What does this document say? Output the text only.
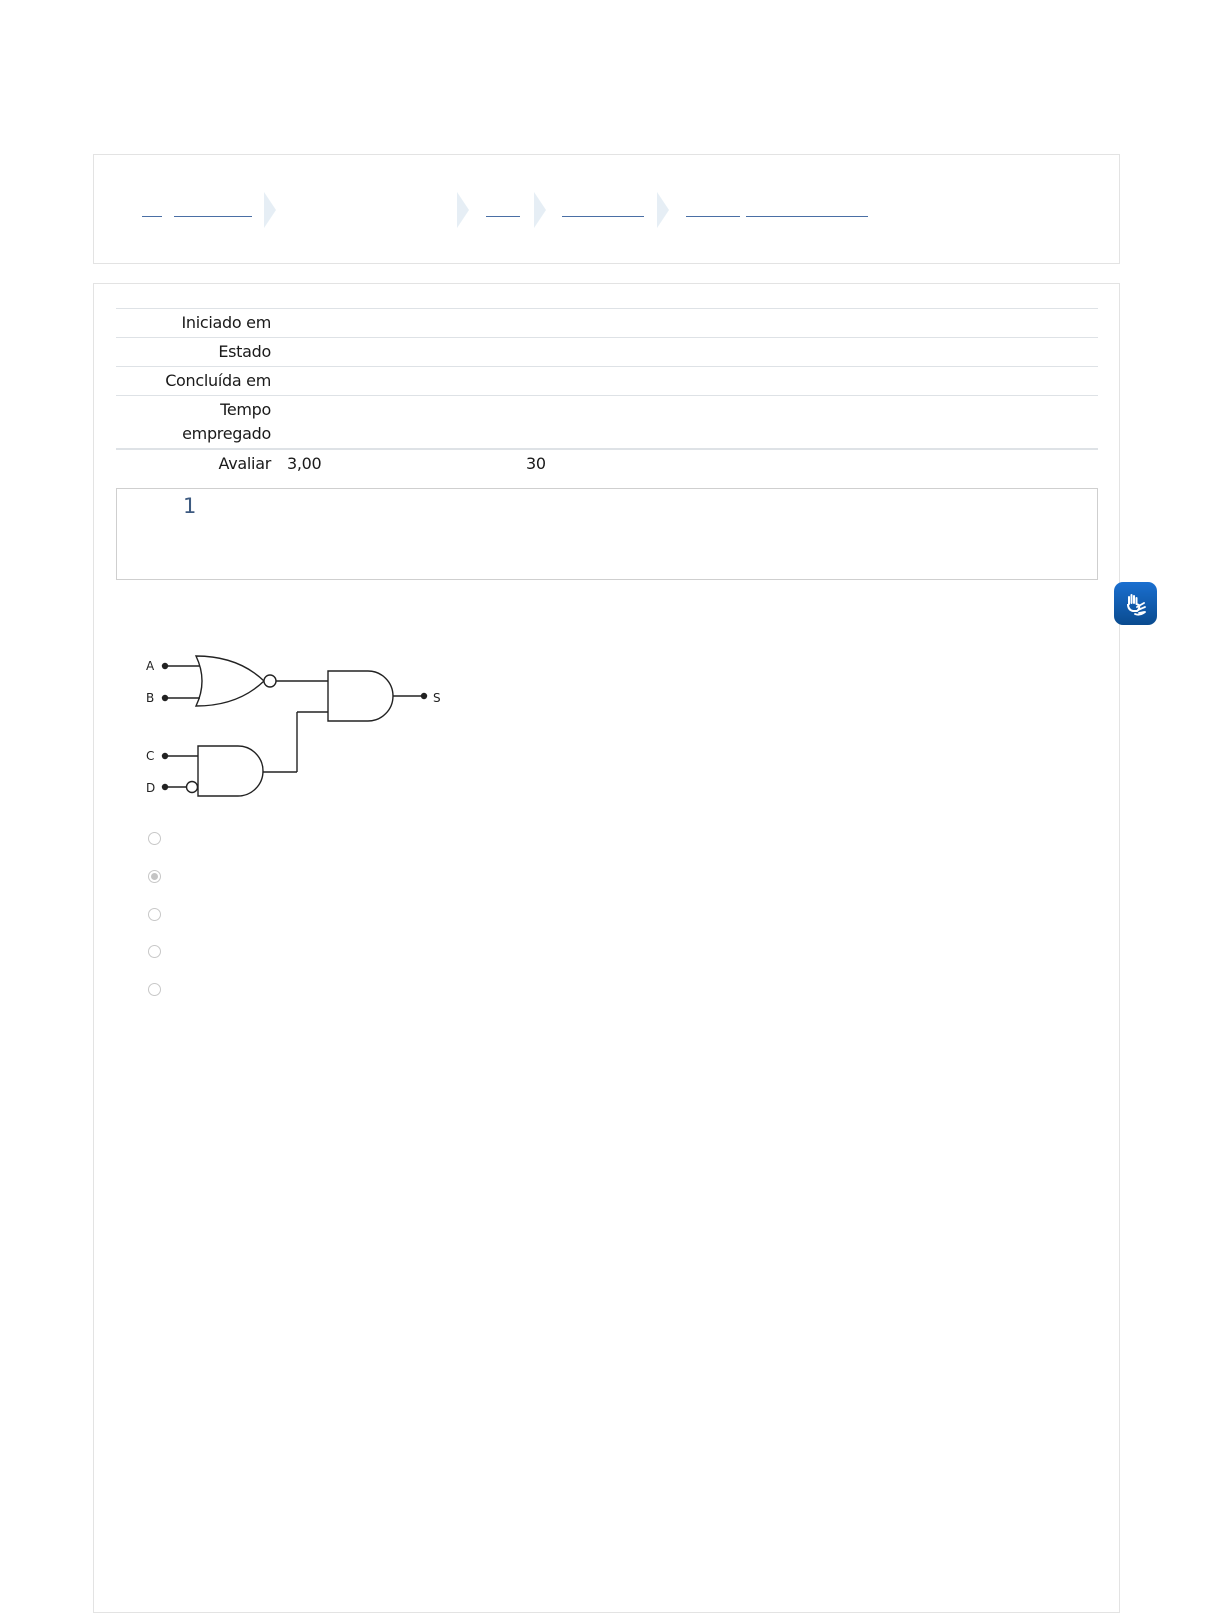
Iniciado em
Estado
Concluída em
Tempo empregado
Avaliar 3,00	30
1
A
B
C
D
S
